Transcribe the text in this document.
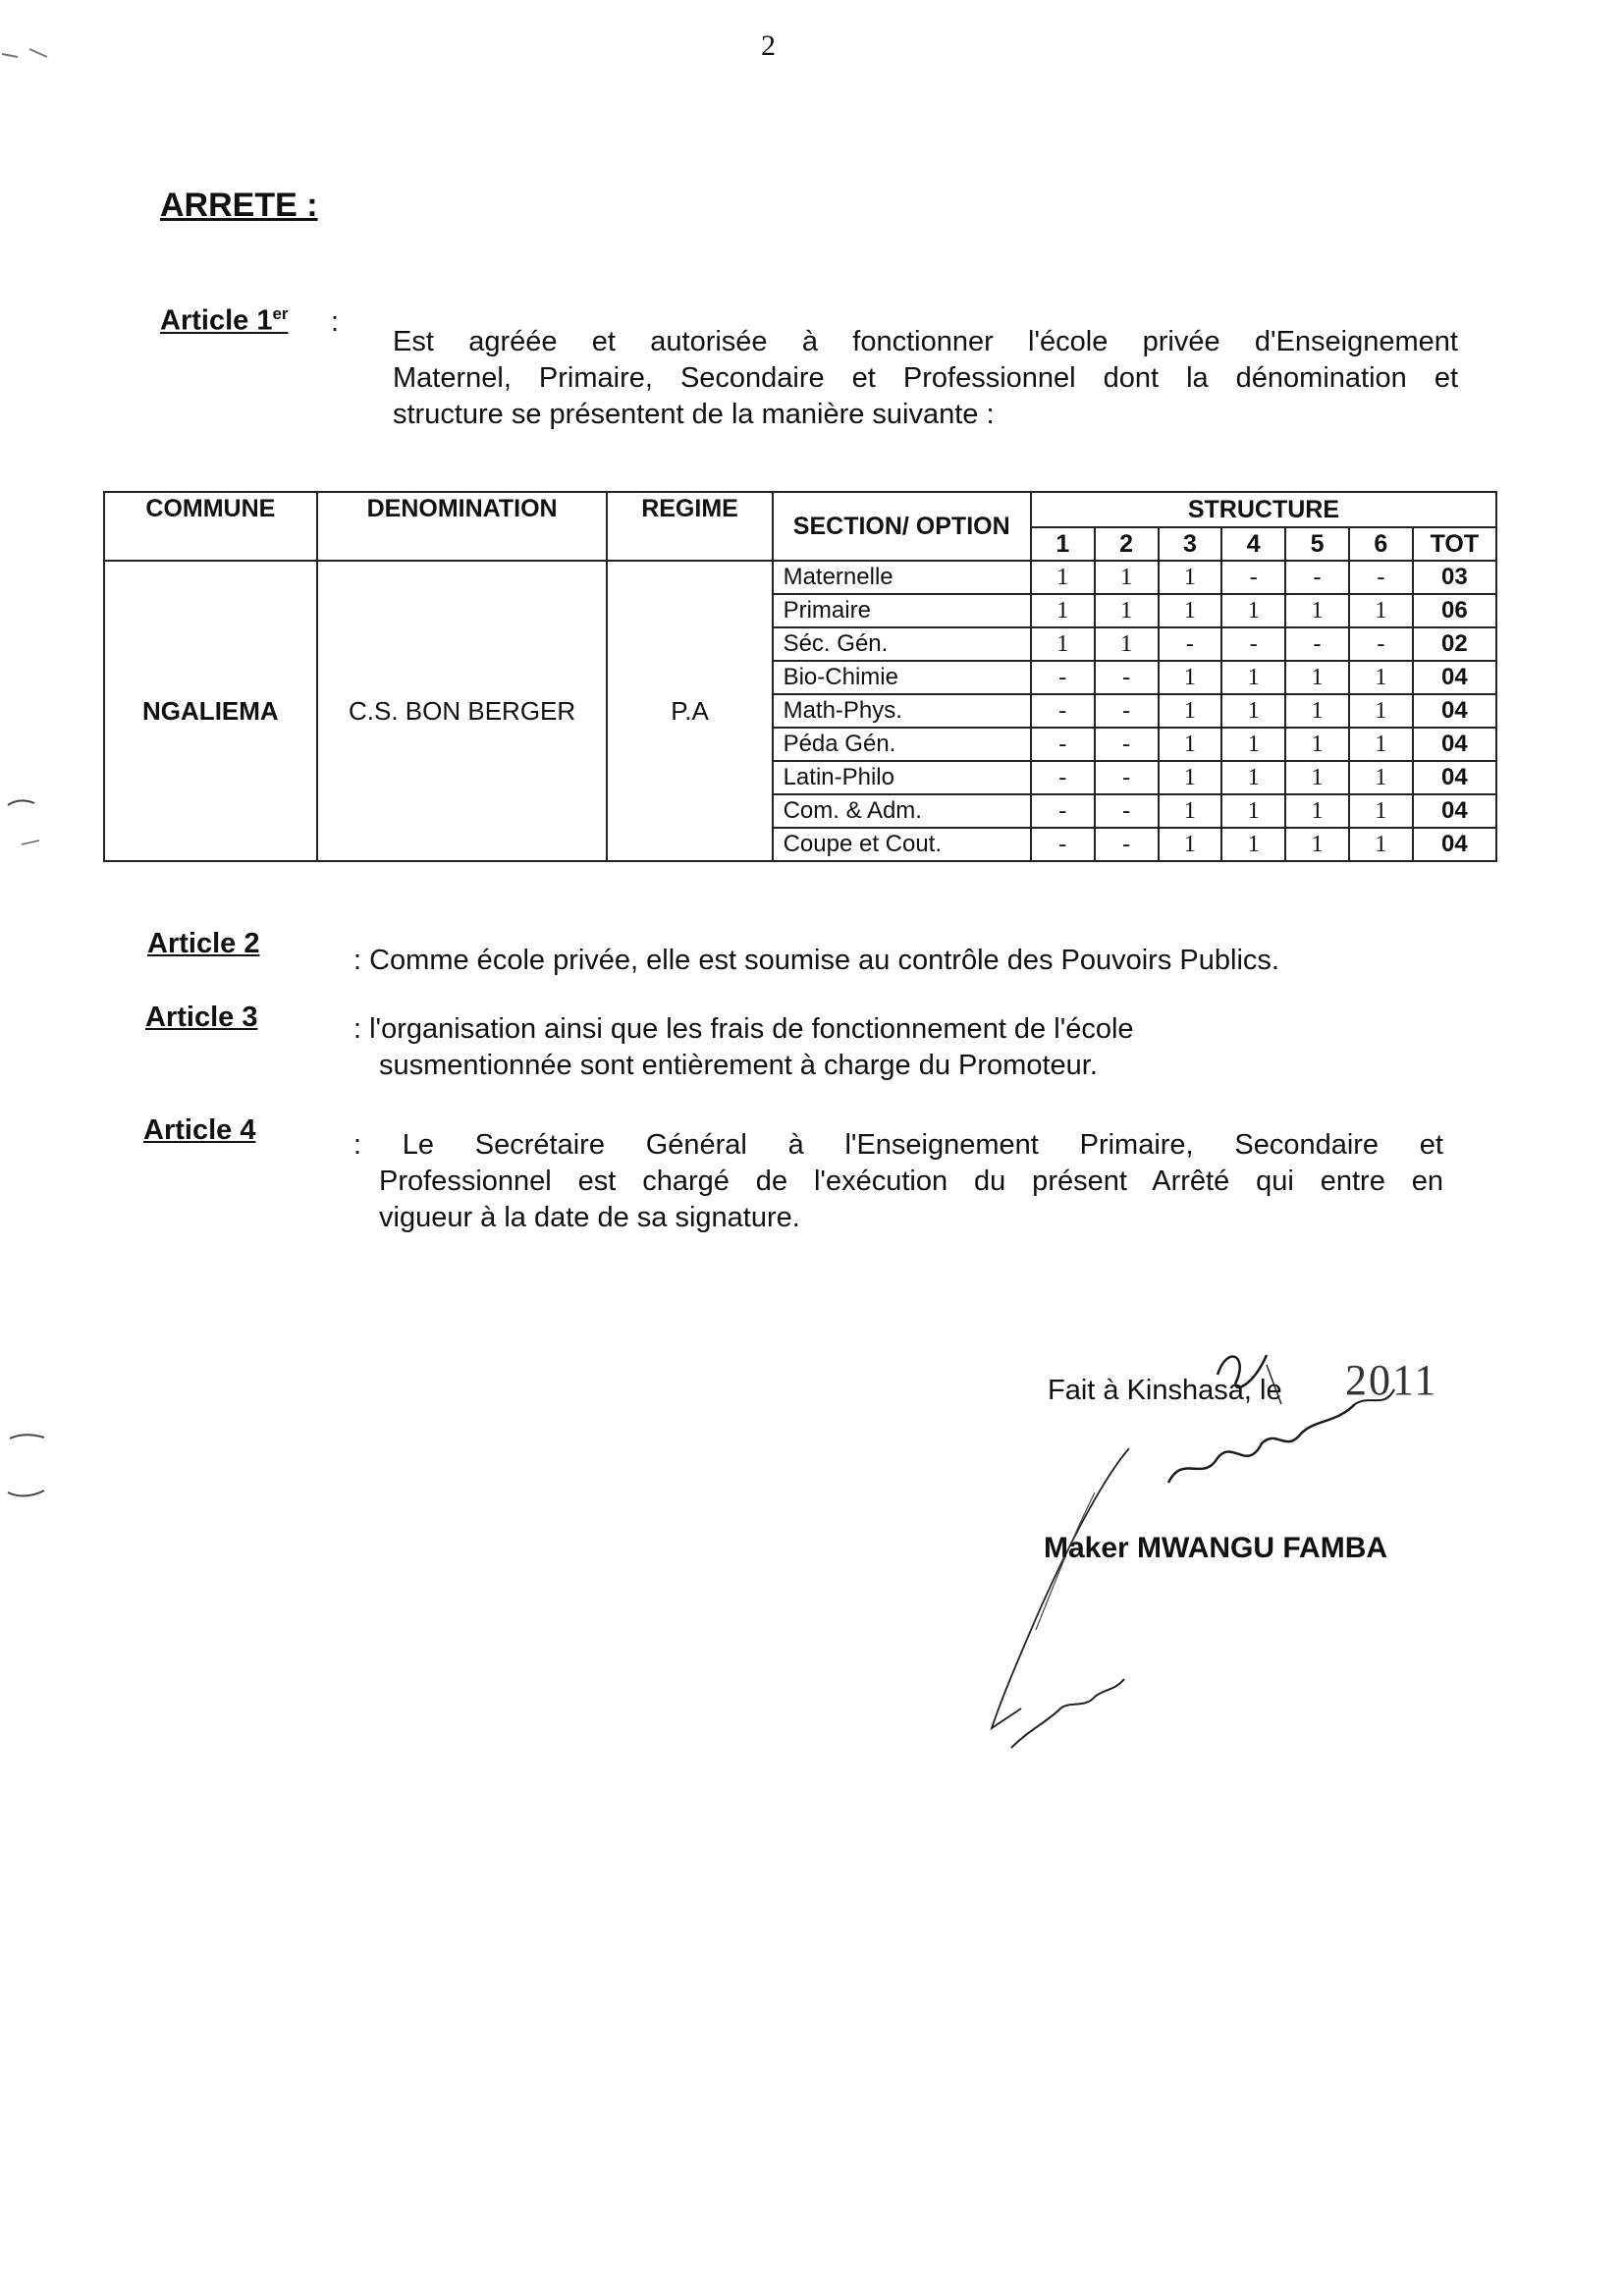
2
ARRETE :
Article 1er :
Est agréée et autorisée à fonctionner l'école privée d'Enseignement
Maternel, Primaire, Secondaire et Professionnel dont la dénomination et
structure se présentent de la manière suivante :
COMMUNE	DENOMINATION	REGIME	SECTION/ OPTION	STRUCTURE						
				1	2	3	4	5	6	TOT
NGALIEMA	C.S. BON BERGER	P.A	Maternelle	1	1	1	-	-	-	03
			Primaire	1	1	1	1	1	1	06
			Séc. Gén.	1	1	-	-	-	-	02
			Bio-Chimie	-	-	1	1	1	1	04
			Math-Phys.	-	-	1	1	1	1	04
			Péda Gén.	-	-	1	1	1	1	04
			Latin-Philo	-	-	1	1	1	1	04
			Com. & Adm.	-	-	1	1	1	1	04
			Coupe et Cout.	-	-	1	1	1	1	04
Article 2
: Comme école privée, elle est soumise au contrôle des Pouvoirs Publics.
Article 3	: l'organisation ainsi que les frais de fonctionnement de l'école
susmentionnée sont entièrement à charge du Promoteur.
Article 4	: Le Secrétaire Général à l'Enseignement Primaire, Secondaire et
Professionnel est chargé de l'exécution du présent Arrêté qui entre en
vigueur à la date de sa signature.
Fait à Kinshasa, le 2011
Maker MWANGU FAMBA
